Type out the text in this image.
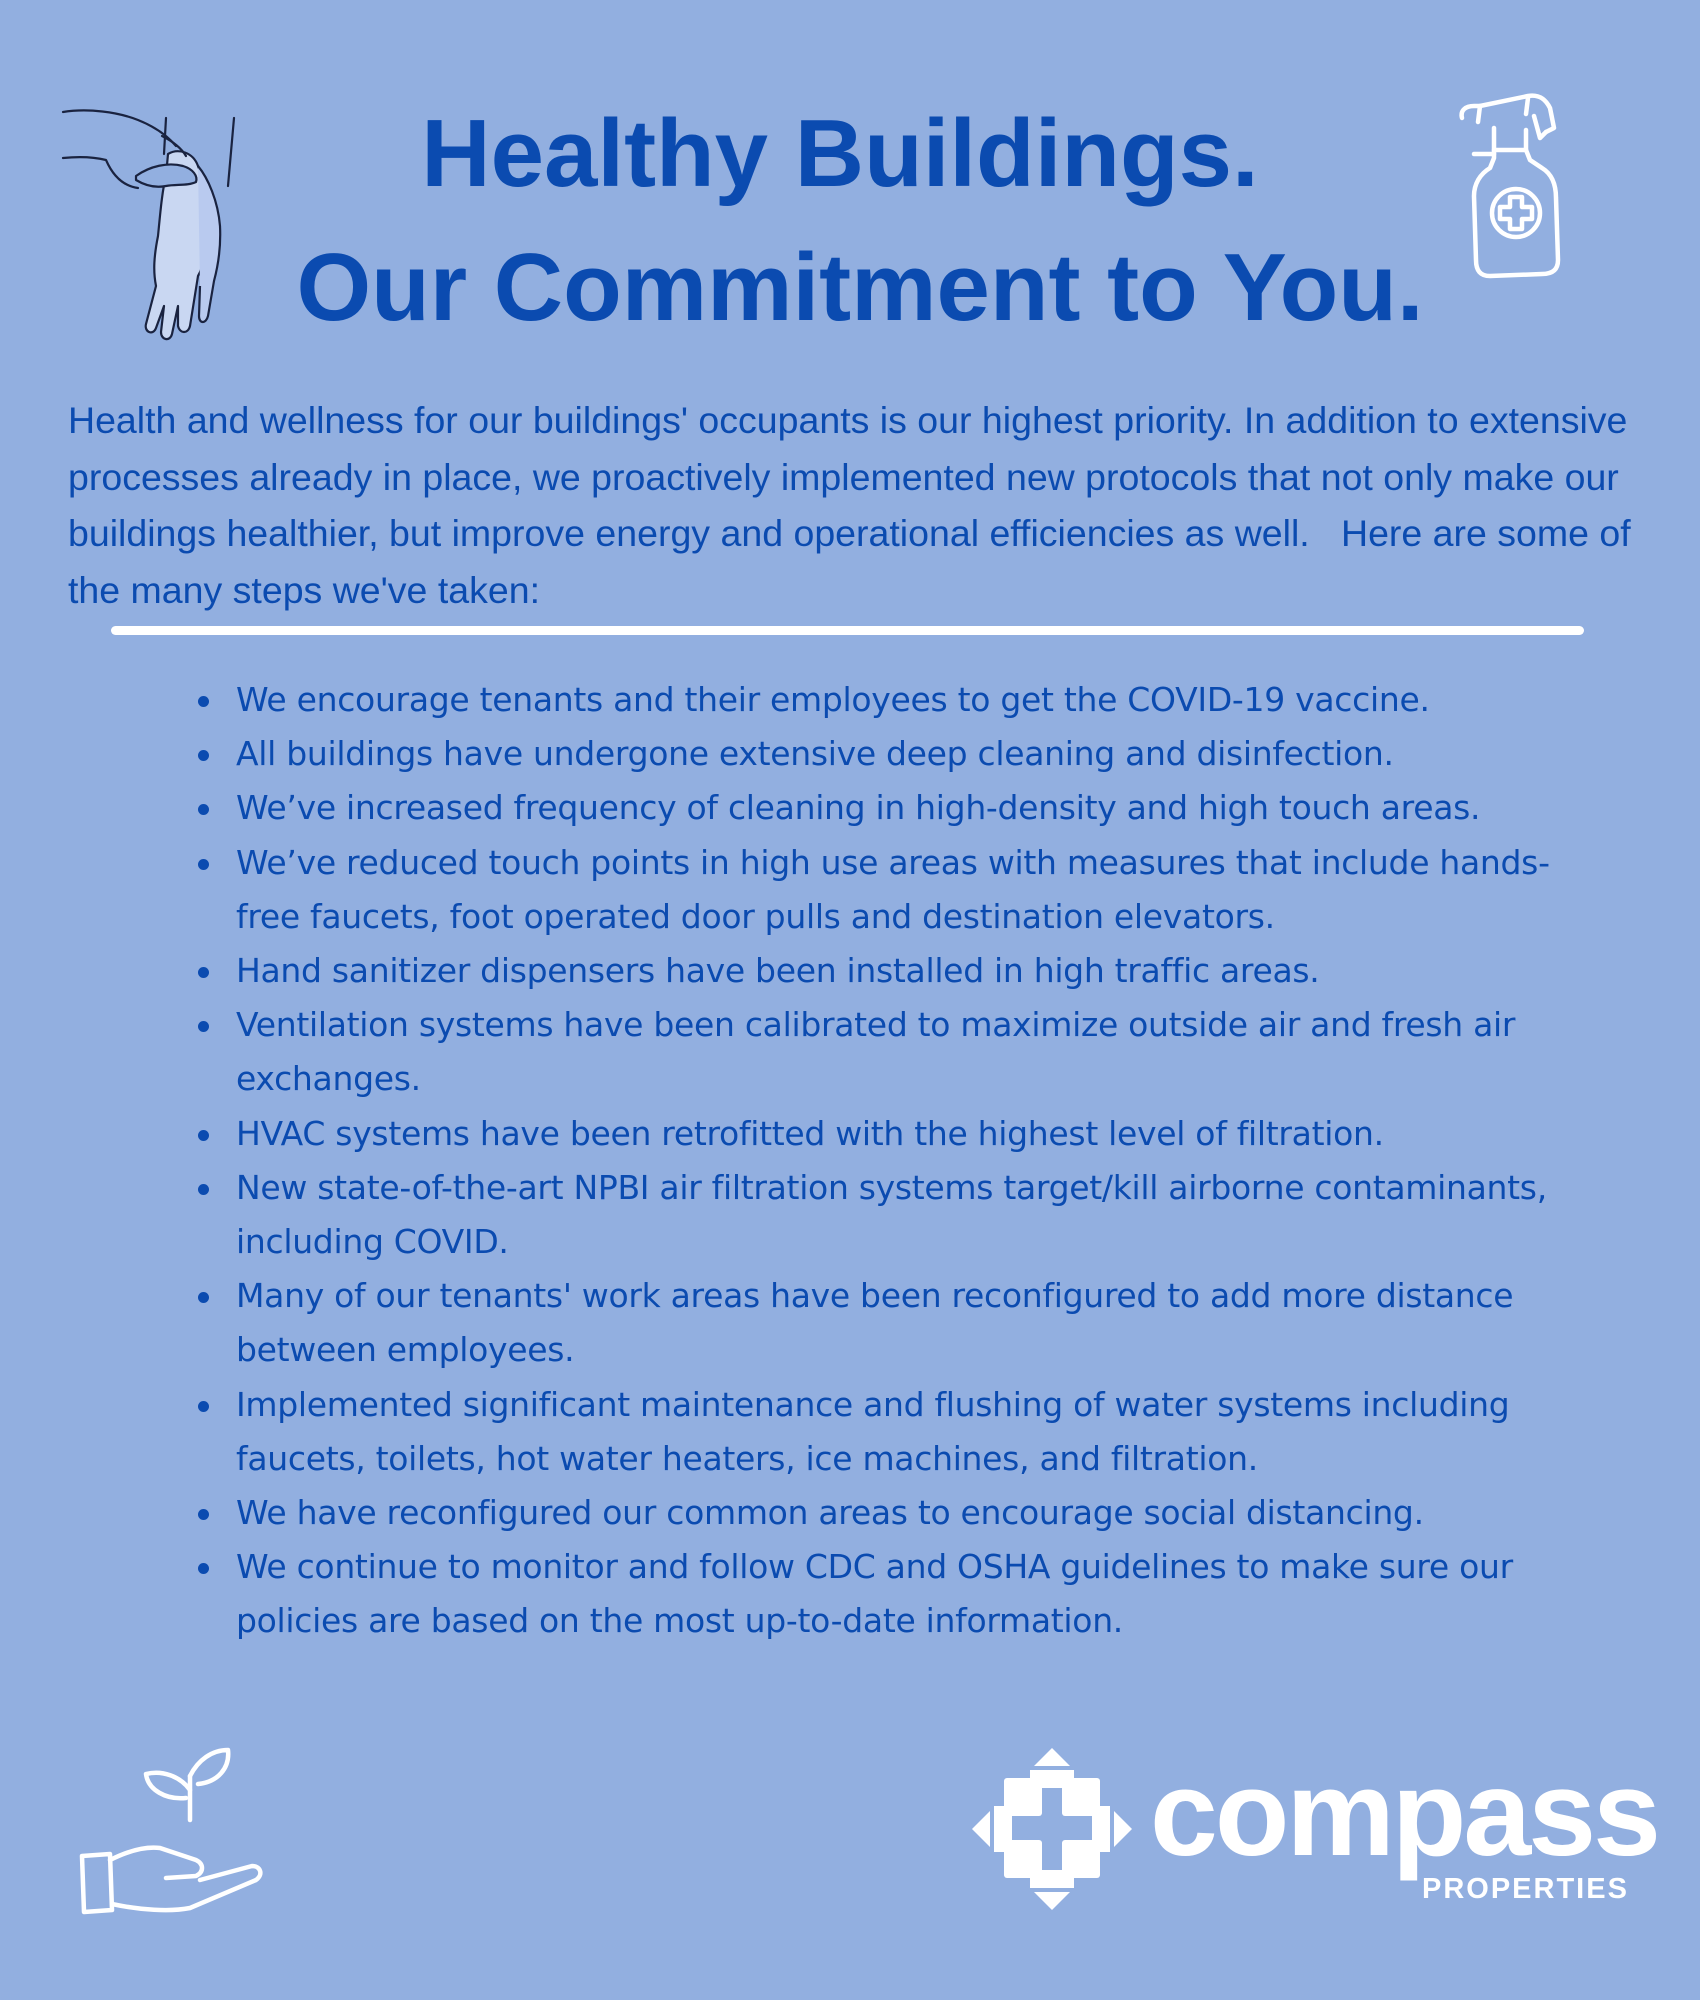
Healthy Buildings.
Our Commitment to You.

Health and wellness for our buildings' occupants is our highest priority. In addition to extensive processes already in place, we proactively implemented new protocols that not only make our buildings healthier, but improve energy and operational efficiencies as well.   Here are some of the many steps we've taken:

We encourage tenants and their employees to get the COVID-19 vaccine.
All buildings have undergone extensive deep cleaning and disinfection.
We’ve increased frequency of cleaning in high-density and high touch areas.
We’ve reduced touch points in high use areas with measures that include hands-free faucets, foot operated door pulls and destination elevators.
Hand sanitizer dispensers have been installed in high traffic areas.
Ventilation systems have been calibrated to maximize outside air and fresh air exchanges.
HVAC systems have been retrofitted with the highest level of filtration.
New state-of-the-art NPBI air filtration systems target/kill airborne contaminants, including COVID.
Many of our tenants' work areas have been reconfigured to add more distance between employees.
Implemented significant maintenance and flushing of water systems including faucets, toilets, hot water heaters, ice machines, and filtration.
We have reconfigured our common areas to encourage social distancing.
We continue to monitor and follow CDC and OSHA guidelines to make sure our policies are based on the most up-to-date information.
compass
PROPERTIES
